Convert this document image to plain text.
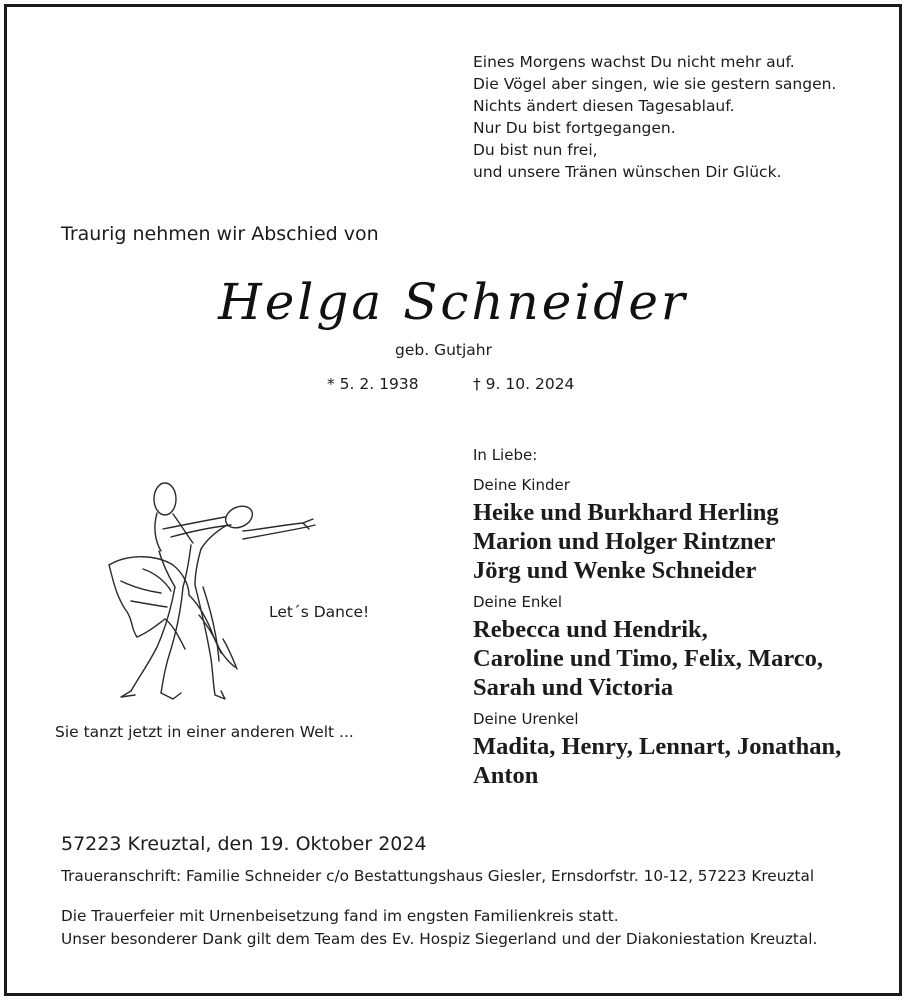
Eines Morgens wachst Du nicht mehr auf.
Die Vögel aber singen, wie sie gestern sangen.
Nichts ändert diesen Tagesablauf.
Nur Du bist fortgegangen.
Du bist nun frei,
und unsere Tränen wünschen Dir Glück.
Traurig nehmen wir Abschied von
Helga Schneider
geb. Gutjahr
* 5. 2. 1938	† 9. 10. 2024
In Liebe:
Deine Kinder
Heike und Burkhard Herling
Marion und Holger Rintzner
Jörg und Wenke Schneider
Deine Enkel
Rebecca und Hendrik,
Caroline und Timo, Felix, Marco,
Sarah und Victoria
Deine Urenkel
Madita, Henry, Lennart, Jonathan,
Anton
Let´s Dance!
Sie tanzt jetzt in einer anderen Welt ...
57223 Kreuztal, den 19. Oktober 2024
Traueranschrift: Familie Schneider c/o Bestattungshaus Giesler, Ernsdorfstr. 10-12, 57223 Kreuztal
Die Trauerfeier mit Urnenbeisetzung fand im engsten Familienkreis statt.
Unser besonderer Dank gilt dem Team des Ev. Hospiz Siegerland und der Diakoniestation Kreuztal.
